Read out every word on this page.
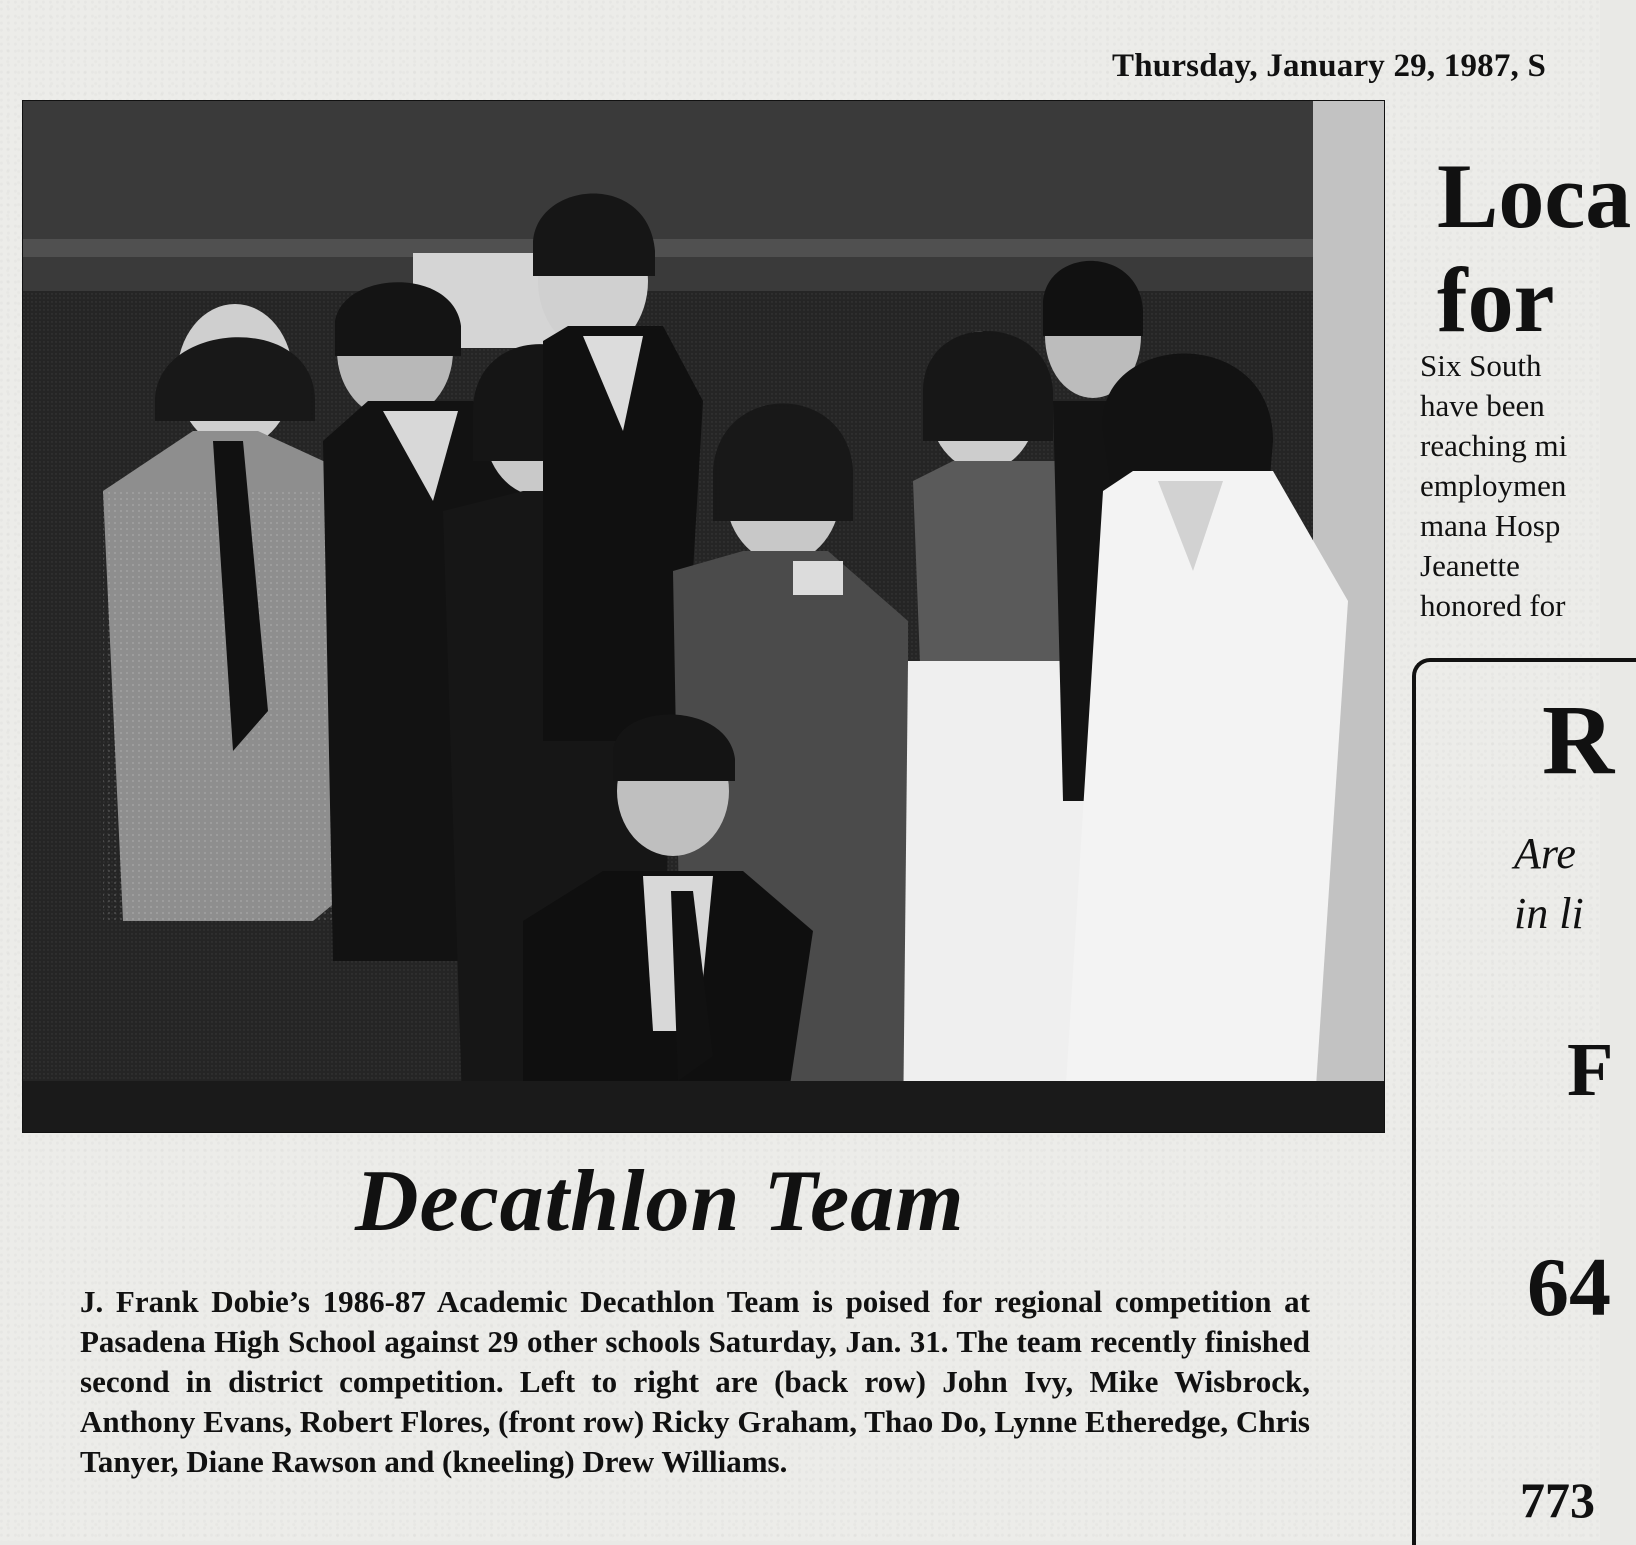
Thursday, January 29, 1987, S
Decathlon Team
J. Frank Dobie’s 1986-87 Academic Decathlon Team is poised for regional competition at Pasadena High School against 29 other schools Saturday, Jan. 31. The team recently finished second in district competition. Left to right are (back row) John Ivy, Mike Wisbrock, Anthony Evans, Robert Flores, (front row) Ricky Graham, Thao Do, Lynne Etheredge, Chris Tanyer, Diane Rawson and (kneeling) Drew Williams.
Loca
for
Six South
have been
reaching mi
employmen
mana Hosp
Jeanette
honored for
R
Are
in li
F
64
773
